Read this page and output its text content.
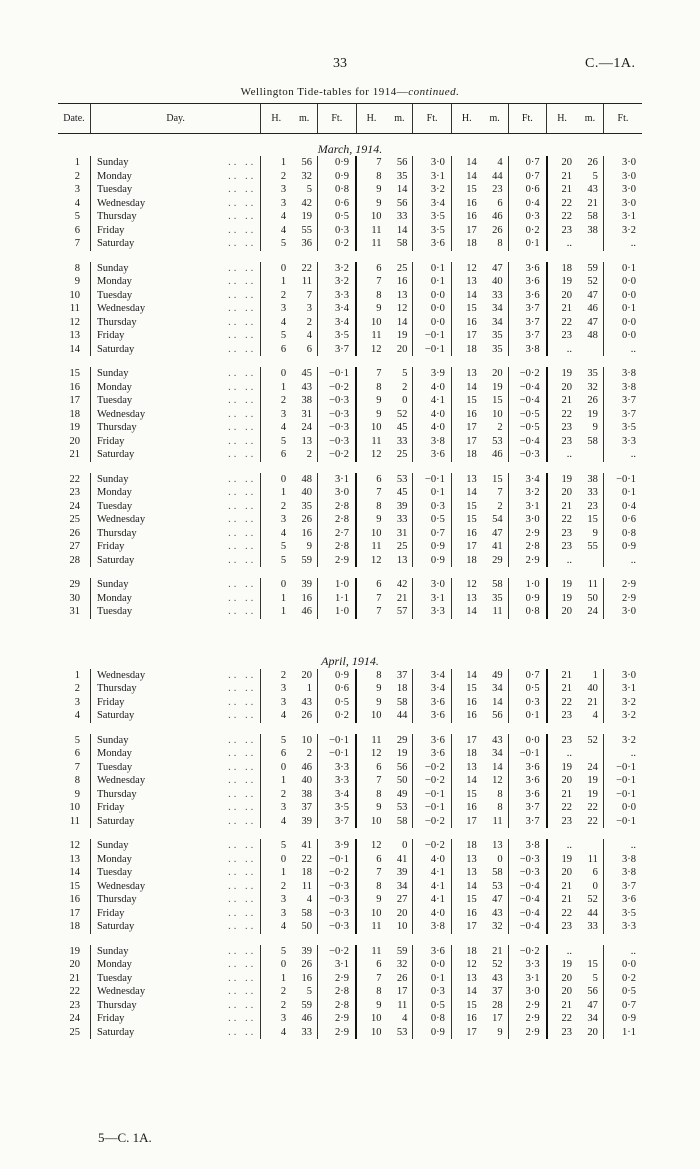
33	C.—1A.
Wellington Tide-tables for 1914—continued.
Date.	Day.	H.	m.	Ft.	H.	m.	Ft.	H.	m.	Ft.	H.	m.	Ft.
March, 1914.													
1	Sunday .. ..	1	56	0·9	7	56	3·0	14	4	0·7	20	26	3·0
2	Monday .. ..	2	32	0·9	8	35	3·1	14	44	0·7	21	5	3·0
3	Tuesday .. ..	3	5	0·8	9	14	3·2	15	23	0·6	21	43	3·0
4	Wednesday .. ..	3	42	0·6	9	56	3·4	16	6	0·4	22	21	3·0
5	Thursday .. ..	4	19	0·5	10	33	3·5	16	46	0·3	22	58	3·1
6	Friday .. ..	4	55	0·3	11	14	3·5	17	26	0·2	23	38	3·2
7	Saturday .. ..	5	36	0·2	11	58	3·6	18	8	0·1	..		..

8	Sunday .. ..	0	22	3·2	6	25	0·1	12	47	3·6	18	59	0·1
9	Monday .. ..	1	11	3·2	7	16	0·1	13	40	3·6	19	52	0·0
10	Tuesday .. ..	2	7	3·3	8	13	0·0	14	33	3·6	20	47	0·0
11	Wednesday .. ..	3	3	3·4	9	12	0·0	15	34	3·7	21	46	0·1
12	Thursday .. ..	4	2	3·4	10	14	0·0	16	34	3·7	22	47	0·0
13	Friday .. ..	5	4	3·5	11	19	−0·1	17	35	3·7	23	48	0·0
14	Saturday .. ..	6	6	3·7	12	20	−0·1	18	35	3·8	..		..

15	Sunday .. ..	0	45	−0·1	7	5	3·9	13	20	−0·2	19	35	3·8
16	Monday .. ..	1	43	−0·2	8	2	4·0	14	19	−0·4	20	32	3·8
17	Tuesday .. ..	2	38	−0·3	9	0	4·1	15	15	−0·4	21	26	3·7
18	Wednesday .. ..	3	31	−0·3	9	52	4·0	16	10	−0·5	22	19	3·7
19	Thursday .. ..	4	24	−0·3	10	45	4·0	17	2	−0·5	23	9	3·5
20	Friday .. ..	5	13	−0·3	11	33	3·8	17	53	−0·4	23	58	3·3
21	Saturday .. ..	6	2	−0·2	12	25	3·6	18	46	−0·3	..		..

22	Sunday .. ..	0	48	3·1	6	53	−0·1	13	15	3·4	19	38	−0·1
23	Monday .. ..	1	40	3·0	7	45	0·1	14	7	3·2	20	33	0·1
24	Tuesday .. ..	2	35	2·8	8	39	0·3	15	2	3·1	21	23	0·4
25	Wednesday .. ..	3	26	2·8	9	33	0·5	15	54	3·0	22	15	0·6
26	Thursday .. ..	4	16	2·7	10	31	0·7	16	47	2·9	23	9	0·8
27	Friday .. ..	5	9	2·8	11	25	0·9	17	41	2·8	23	55	0·9
28	Saturday .. ..	5	59	2·9	12	13	0·9	18	29	2·9	..		..

29	Sunday .. ..	0	39	1·0	6	42	3·0	12	58	1·0	19	11	2·9
30	Monday .. ..	1	16	1·1	7	21	3·1	13	35	0·9	19	50	2·9
31	Tuesday .. ..	1	46	1·0	7	57	3·3	14	11	0·8	20	24	3·0

April, 1914.													
1	Wednesday .. ..	2	20	0·9	8	37	3·4	14	49	0·7	21	1	3·0
2	Thursday .. ..	3	1	0·6	9	18	3·4	15	34	0·5	21	40	3·1
3	Friday .. ..	3	43	0·5	9	58	3·6	16	14	0·3	22	21	3·2
4	Saturday .. ..	4	26	0·2	10	44	3·6	16	56	0·1	23	4	3·2

5	Sunday .. ..	5	10	−0·1	11	29	3·6	17	43	0·0	23	52	3·2
6	Monday .. ..	6	2	−0·1	12	19	3·6	18	34	−0·1	..		..
7	Tuesday .. ..	0	46	3·3	6	56	−0·2	13	14	3·6	19	24	−0·1
8	Wednesday .. ..	1	40	3·3	7	50	−0·2	14	12	3·6	20	19	−0·1
9	Thursday .. ..	2	38	3·4	8	49	−0·1	15	8	3·6	21	19	−0·1
10	Friday .. ..	3	37	3·5	9	53	−0·1	16	8	3·7	22	22	0·0
11	Saturday .. ..	4	39	3·7	10	58	−0·2	17	11	3·7	23	22	−0·1

12	Sunday .. ..	5	41	3·9	12	0	−0·2	18	13	3·8	..		..
13	Monday .. ..	0	22	−0·1	6	41	4·0	13	0	−0·3	19	11	3·8
14	Tuesday .. ..	1	18	−0·2	7	39	4·1	13	58	−0·3	20	6	3·8
15	Wednesday .. ..	2	11	−0·3	8	34	4·1	14	53	−0·4	21	0	3·7
16	Thursday .. ..	3	4	−0·3	9	27	4·1	15	47	−0·4	21	52	3·6
17	Friday .. ..	3	58	−0·3	10	20	4·0	16	43	−0·4	22	44	3·5
18	Saturday .. ..	4	50	−0·3	11	10	3·8	17	32	−0·4	23	33	3·3

19	Sunday .. ..	5	39	−0·2	11	59	3·6	18	21	−0·2	..		..
20	Monday .. ..	0	26	3·1	6	32	0·0	12	52	3·3	19	15	0·0
21	Tuesday .. ..	1	16	2·9	7	26	0·1	13	43	3·1	20	5	0·2
22	Wednesday .. ..	2	5	2·8	8	17	0·3	14	37	3·0	20	56	0·5
23	Thursday .. ..	2	59	2·8	9	11	0·5	15	28	2·9	21	47	0·7
24	Friday .. ..	3	46	2·9	10	4	0·8	16	17	2·9	22	34	0·9
25	Saturday .. ..	4	33	2·9	10	53	0·9	17	9	2·9	23	20	1·1
5—C. 1A.
